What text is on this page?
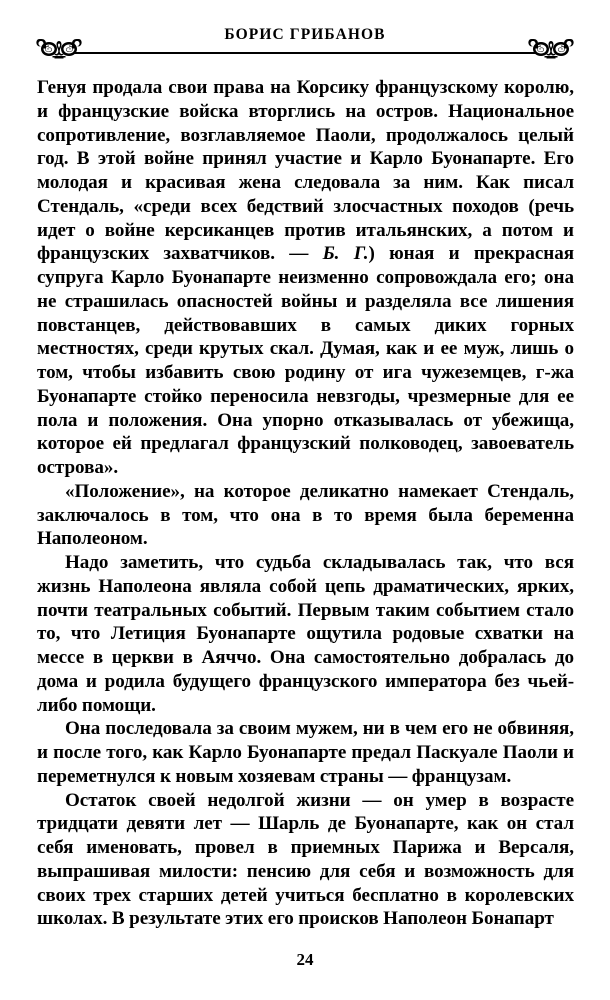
БОРИС ГРИБАНОВ

Генуя продала свои права на Корсику французскому королю, и французские войска вторглись на остров. Национальное сопротивление, возглавляемое Паоли, продолжалось целый год. В этой войне принял участие и Карло Буонапарте. Его молодая и красивая жена следовала за ним. Как писал Стендаль, «среди всех бедствий злосчастных походов (речь идет о войне керсиканцев против итальянских, а потом и французских захватчиков. — Б. Г.) юная и прекрасная супруга Карло Буонапарте неизменно сопровождала его; она не страшилась опасностей войны и разделяла все лишения повстанцев, действовавших в самых диких горных местностях, среди крутых скал. Думая, как и ее муж, лишь о том, чтобы избавить свою родину от ига чужеземцев, г-жа Буонапарте стойко переносила невзгоды, чрезмерные для ее пола и положения. Она упорно отказывалась от убежища, которое ей предлагал французский полководец, завоеватель острова».

«Положение», на которое деликатно намекает Стендаль, заключалось в том, что она в то время была беременна Наполеоном.

Надо заметить, что судьба складывалась так, что вся жизнь Наполеона являла собой цепь драматических, ярких, почти театральных событий. Первым таким событием стало то, что Летиция Буонапарте ощутила родовые схватки на мессе в церкви в Аяччо. Она самостоятельно добралась до дома и родила будущего французского императора без чьей-либо помощи.

Она последовала за своим мужем, ни в чем его не обвиняя, и после того, как Карло Буонапарте предал Паскуале Паоли и переметнулся к новым хозяевам страны — французам.

Остаток своей недолгой жизни — он умер в возрасте тридцати девяти лет — Шарль де Буонапарте, как он стал себя именовать, провел в приемных Парижа и Версаля, выпрашивая милости: пенсию для себя и возможность для своих трех старших детей учиться бесплатно в королевских школах. В результате этих его происков Наполеон Бонапарт

24
